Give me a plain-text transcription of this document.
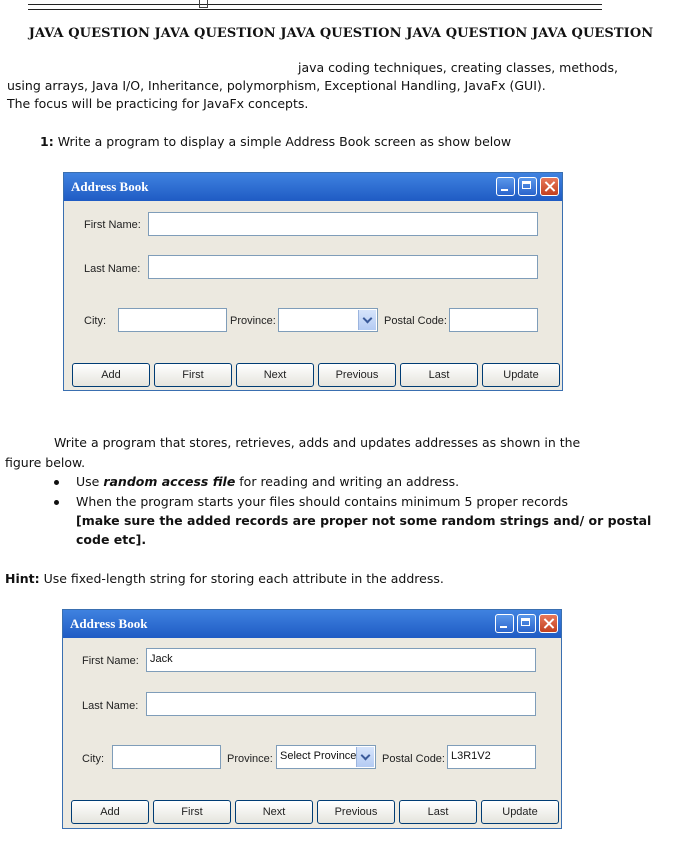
JAVA QUESTION JAVA QUESTION JAVA QUESTION JAVA QUESTION JAVA QUESTION
java coding techniques, creating classes, methods,
using arrays, Java I/O, Inheritance, polymorphism, Exceptional Handling, JavaFx (GUI).
The focus will be practicing for JavaFx concepts.
1: Write a program to display a simple Address Book screen as show below
Address Book
First Name:
Last Name:
City:	Province:	Postal Code:
Add	First	Next	Previous	Last	Update
Write a program that stores, retrieves, adds and updates addresses as shown in the
figure below.
Use random access file for reading and writing an address.
When the program starts your files should contains minimum 5 proper records
[make sure the added records are proper not some random strings and/ or postal
code etc].
Hint: Use fixed-length string for storing each attribute in the address.
Address Book
First Name:	Jack
Last Name:
City:	Province: Select Province	Postal Code: L3R1V2
Add	First	Next	Previous	Last	Update
